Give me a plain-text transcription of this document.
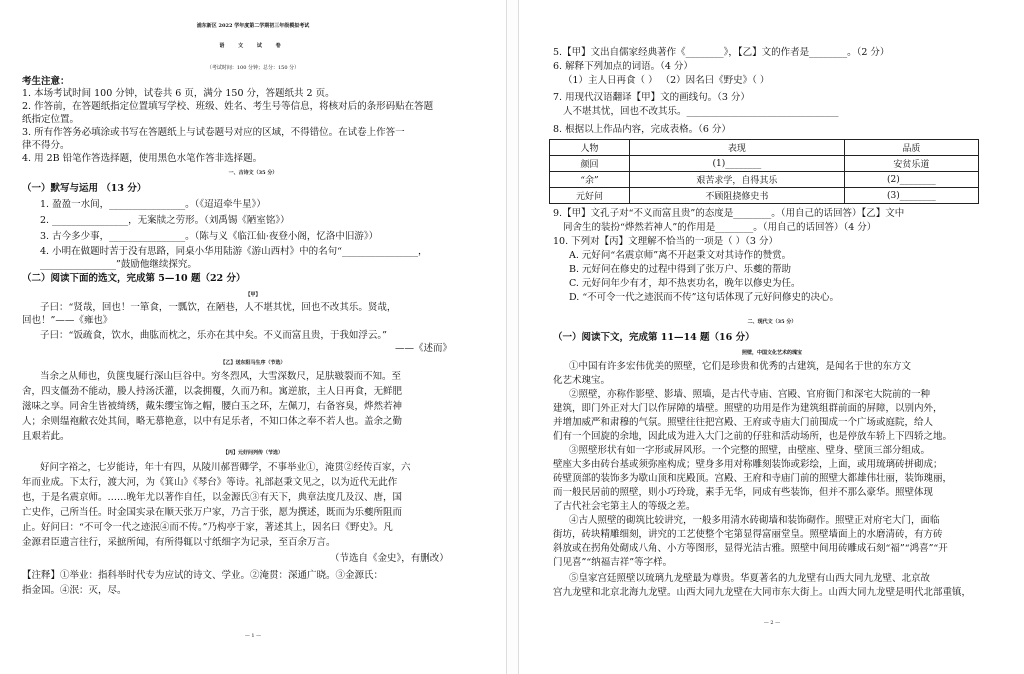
浦东新区 2022 学年度第二学期初三年级模拟考试
语 文 试 卷
（考试时间：100 分钟；总分：150 分）
考生注意：
1. 本场考试时间 100 分钟，试卷共 6 页，满分 150 分，答题纸共 2 页。
2. 作答前，在答题纸指定位置填写学校、班级、姓名、考生号等信息，将核对后的条形码贴在答题
纸指定位置。
3. 所有作答务必填涂或书写在答题纸上与试卷题号对应的区域，不得错位。在试卷上作答一
律不得分。
4. 用 2B 铅笔作答选择题，使用黑色水笔作答非选择题。
一、古诗文（35 分）
（一）默写与运用 （13 分）
1. 盈盈一水间，________________。（《迢迢牵牛星》）
2. ________________，无案牍之劳形。（刘禹锡《陋室铭》）
3. 古今多少事，________________。（陈与义《临江仙·夜登小阁，忆洛中旧游》）
4. 小明在做题时苦于没有思路，同桌小华用陆游《游山西村》中的名句“________________，
________________”鼓励他继续探究。
（二）阅读下面的选文，完成第 5—10 题（22 分）
【甲】
子曰：“贤哉，回也！一箪食，一瓢饮，在陋巷，人不堪其忧，回也不改其乐。贤哉，
回也！”——《雍也》
子曰：“饭疏食，饮水，曲肱而枕之，乐亦在其中矣。不义而富且贵，于我如浮云。”
——《述而》
【乙】送东阳马生序（节选）
当余之从师也，负箧曳屣行深山巨谷中。穷冬烈风，大雪深数尺，足肤皲裂而不知。至
舍，四支僵劲不能动，媵人持汤沃灌，以衾拥覆，久而乃和。寓逆旅，主人日再食，无鲜肥
滋味之享。同舍生皆被绮绣，戴朱缨宝饰之帽，腰白玉之环，左佩刀，右备容臭，烨然若神
人；余则缊袍敝衣处其间，略无慕艳意，以中有足乐者，不知口体之奉不若人也。盖余之勤
且艰若此。
【丙】元好问列传（节选）
好问字裕之，七岁能诗，年十有四，从陵川郝晋卿学，不事举业①，淹贯②经传百家，六
年而业成。下太行，渡大河，为《箕山》《琴台》等诗。礼部赵秉文见之，以为近代无此作
也，于是名震京师。……晚年尤以著作自任，以金源氏③有天下，典章法度几及汉、唐，国
亡史作，己所当任。时金国实录在顺天张万户家，乃言于张，愿为撰述，既而为乐夔所阻而
止。好问曰：“不可令一代之迹泯④而不传。”乃构亭于家，著述其上，因名曰《野史》。凡
金源君臣遗言往行，采摭所闻，有所得辄以寸纸细字为记录，至百余万言。
（节选自《金史》，有删改）
【注释】①举业：指科举时代专为应试的诗文、学业。②淹贯：深通广晓。③金源氏：
指金国。④泯：灭，尽。
— 1 —
5.【甲】文出自儒家经典著作《________》，【乙】文的作者是________。（2 分）
6. 解释下列加点的词语。（4 分）
（1）主人日再食（ ） （2）因名曰《野史》（ ）
7. 用现代汉语翻译【甲】文的画线句。（3 分）
人不堪其忧，回也不改其乐。________________________________
8. 根据以上作品内容，完成表格。（6 分）
人物	表现	品质
颜回	(1)________	安贫乐道
“余”	艰苦求学，自得其乐	(2)________
元好问	不顾阻挠修史书	(3)________
9.【甲】文孔子对“不义而富且贵”的态度是________。（用自己的话回答）【乙】文中
同舍生的装扮“烨然若神人”的作用是________。（用自己的话回答）（4 分）
10. 下列对【丙】文理解不恰当的一项是（ ）（3 分）
A. 元好问“名震京师”离不开赵秉文对其诗作的赞赏。
B. 元好问在修史的过程中得到了张万户、乐夔的帮助
C. 元好问年少有才，却不热衷功名，晚年以修史为任。
D. “不可令一代之迹泯而不传”这句话体现了元好问修史的决心。
二、现代文（35 分）
（一）阅读下文，完成第 11—14 题（16 分）
照壁，中国文化艺术的瑰宝
①中国有许多宏伟优美的照壁，它们是珍贵和优秀的古建筑，是闻名于世的东方文
化艺术瑰宝。
②照壁，亦称作影壁、影墙、照墙，是古代寺庙、宫殿、官府衙门和深宅大院前的一种
建筑，即门外正对大门以作屏障的墙壁。照壁的功用是作为建筑组群前面的屏障，以别内外，
并增加威严和肃穆的气氛。照壁往往把宫殿、王府或寺庙大门前围成一个广场或庭院，给人
们有一个回旋的余地，因此成为进入大门之前的仔驻和活动场所，也是停放车轿上下四轿之地。
③照壁形状有如一字形或屏风形。一个完整的照壁，由壁座、壁身、壁顶三部分组成。
壁座大多由砖台基或须弥座构成；壁身多用对称雕刻装饰或彩绘，上面，或用琉璃砖拼砌成；
砖壁顶部的装饰多为歇山顶和庑殿顶。宫殿、王府和寺庙门前的照壁大都雄伟壮丽，装饰瑰丽，
而一般民居前的照壁，则小巧玲珑，素手无华，同成有些装饰，但并不那么豪华。照壁体现
了古代社会宅第主人的等级之差。
④古人照壁的砌筑比较讲究，一般多用清水砖砌墙和装饰砌作。照壁正对府宅大门，面临
街坊，砖块精雕细刻，讲究的工艺使整个宅第显得富丽堂皇。照壁墙面上的水磨清砖，有方砖
斜放或在拐角处砌成八角、小方等图形，显得光洁古雅。照壁中间用砖雕成石刻“福”“鸿喜”“开
门见喜”“纳福吉祥”等字样。
⑤皇家宫廷照壁以琉璃九龙壁最为尊贵。华夏著名的九龙壁有山西大同九龙壁、北京故
宫九龙壁和北京北海九龙壁。山西大同九龙壁在大同市东大街上。山西大同九龙壁是明代北部重镇，
— 2 —
